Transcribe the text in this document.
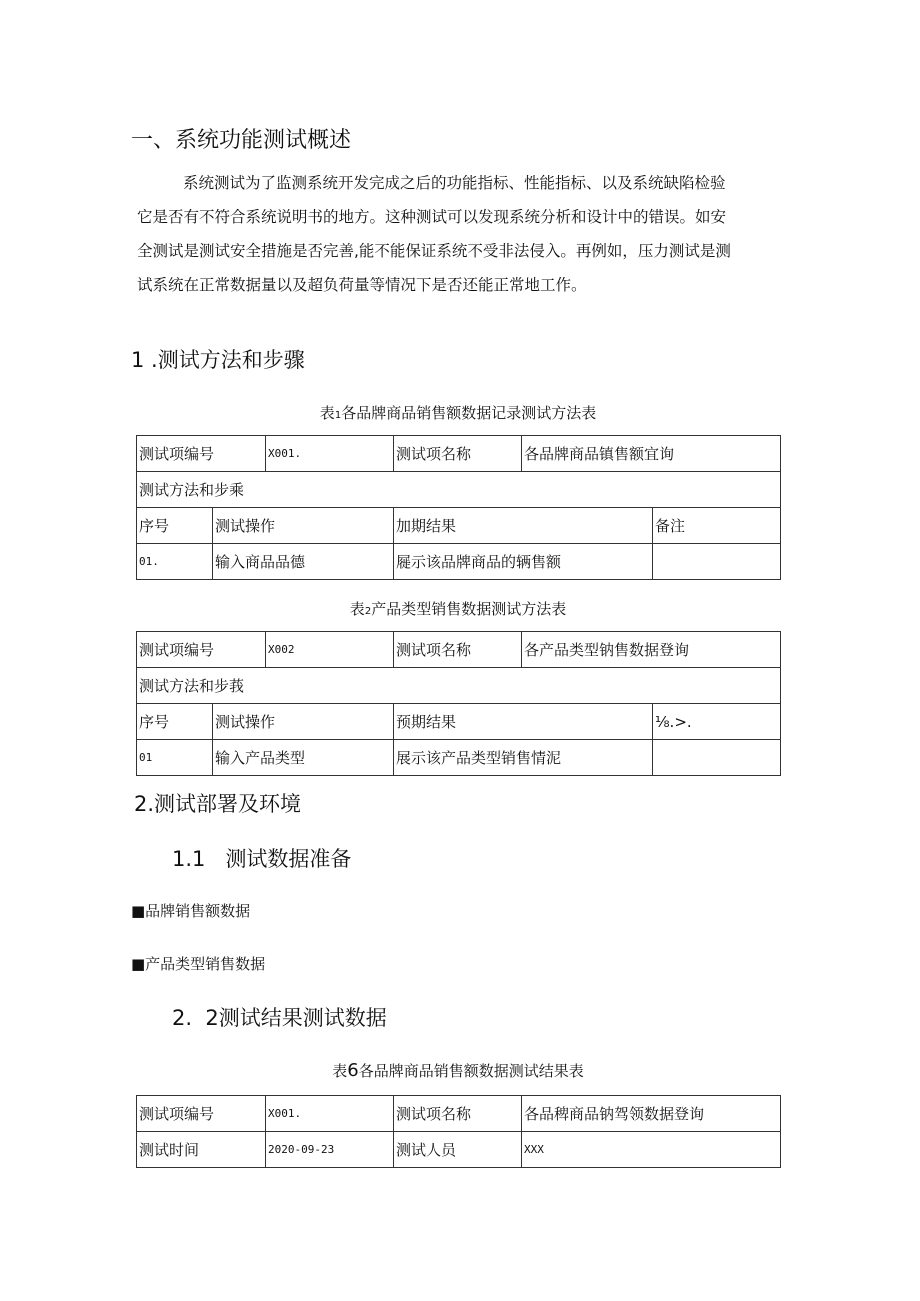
一、系统功能测试概述

系统测试为了监测系统开发完成之后的功能指标、性能指标、以及系统缺陷检验

它是否有不符合系统说明书的地方。这种测试可以发现系统分析和设计中的错误。如安

全测试是测试安全措施是否完善,能不能保证系统不受非法侵入。再例如，压力测试是测

试系统在正常数据量以及超负荷量等情况下是否还能正常地工作。

1 .测试方法和步骤
表1各品牌商品销售额数据记录测试方法表
测试项编号		X001.	测试项名称	各品牌商品镇售额宜询	
测试方法和步乘					
序号	测试操作		加期结果		备注
01.	输入商品品德		屣示该品牌商品的辆售额		
表2产品类型销售数据测试方法表
测试项编号		X002	测试项名称	各产品类型钠售数据登询	
测试方法和步莪					
序号	测试操作		预期结果		⅛.>.
01	输入产品类型		展示该产品类型销售情泥		
2.测试部署及环境
1.1 测试数据准备
■品牌销售额数据
■产品类型销售数据
2. 2测试结果测试数据
表6各品牌商品销售额数据测试结果表
测试项编号	X001.	测试项名称	各品稗商品钠驾领数据登询
测试时间	2020-09-23	测试人员	XXX
